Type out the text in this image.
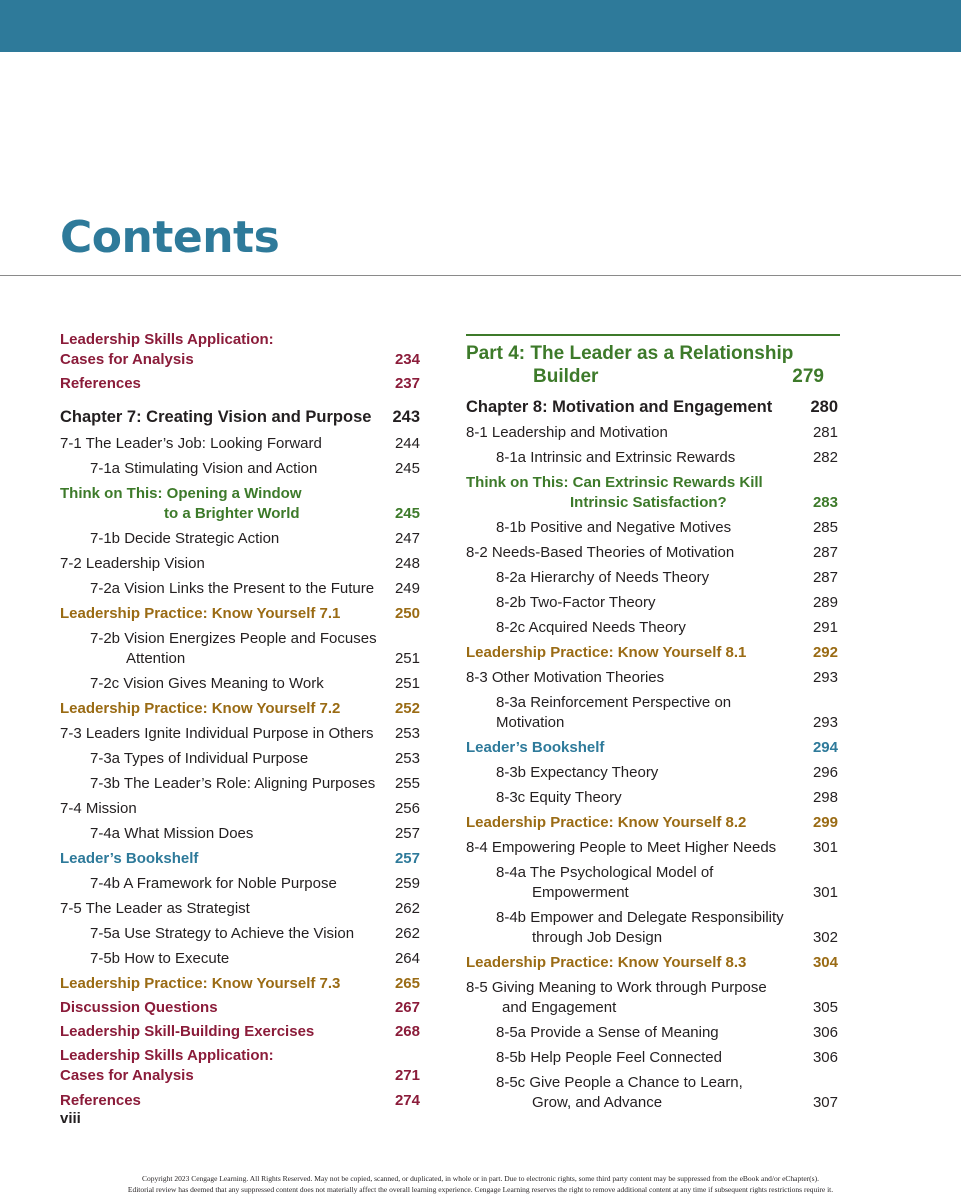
Contents
Leadership Skills Application:
Cases for Analysis	234
References	237
Chapter 7: Creating Vision and Purpose	243
7-1 The Leader’s Job: Looking Forward	244
7-1a Stimulating Vision and Action	245
Think on This: Opening a Window
to a Brighter World	245
7-1b Decide Strategic Action	247
7-2 Leadership Vision	248
7-2a Vision Links the Present to the Future 249
Leadership Practice: Know Yourself 7.1	250
7-2b Vision Energizes People and Focuses
Attention	251
7-2c Vision Gives Meaning to Work	251
Leadership Practice: Know Yourself 7.2	252
7-3 Leaders Ignite Individual Purpose in Others 253
7-3a Types of Individual Purpose	253
7-3b The Leader’s Role: Aligning Purposes 255
7-4 Mission	256
7-4a What Mission Does	257
Leader’s Bookshelf	257
7-4b A Framework for Noble Purpose	259
7-5 The Leader as Strategist	262
7-5a Use Strategy to Achieve the Vision	262
7-5b How to Execute	264
Leadership Practice: Know Yourself 7.3	265
Discussion Questions	267
Leadership Skill-Building Exercises	268
Leadership Skills Application:
Cases for Analysis	271
References	274
Part 4: The Leader as a Relationship
Builder	279
Chapter 8: Motivation and Engagement	280
8-1 Leadership and Motivation	281
8-1a Intrinsic and Extrinsic Rewards	282
Think on This: Can Extrinsic Rewards Kill
Intrinsic Satisfaction?	283
8-1b Positive and Negative Motives	285
8-2 Needs-Based Theories of Motivation	287
8-2a Hierarchy of Needs Theory	287
8-2b Two-Factor Theory	289
8-2c Acquired Needs Theory	291
Leadership Practice: Know Yourself 8.1	292
8-3 Other Motivation Theories	293
8-3a Reinforcement Perspective on Motivation	293
Leader’s Bookshelf	294
8-3b Expectancy Theory	296
8-3c Equity Theory	298
Leadership Practice: Know Yourself 8.2	299
8-4 Empowering People to Meet Higher Needs	301
8-4a The Psychological Model of
Empowerment	301
8-4b Empower and Delegate Responsibility
through Job Design	302
Leadership Practice: Know Yourself 8.3	304
8-5 Giving Meaning to Work through Purpose
and Engagement	305
8-5a Provide a Sense of Meaning	306
8-5b Help People Feel Connected	306
8-5c Give People a Chance to Learn,
Grow, and Advance	307
viii
Copyright 2023 Cengage Learning. All Rights Reserved. May not be copied, scanned, or duplicated, in whole or in part. Due to electronic rights, some third party content may be suppressed from the eBook and/or eChapter(s).
Editorial review has deemed that any suppressed content does not materially affect the overall learning experience. Cengage Learning reserves the right to remove additional content at any time if subsequent rights restrictions require it.
